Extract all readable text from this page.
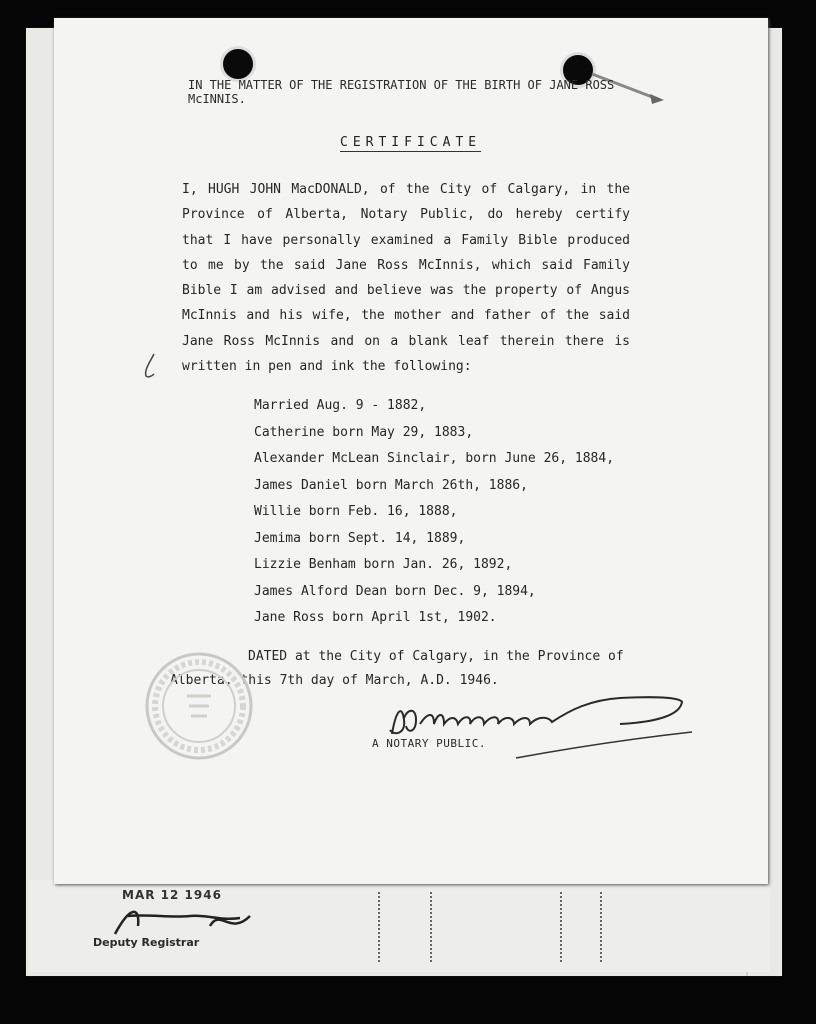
MAR 12 1946
Deputy Registrar

IN THE MATTER OF THE REGISTRATION OF THE BIRTH OF JANE ROSS McINNIS.

CERTIFICATE

I, HUGH JOHN MacDONALD, of the City of Calgary, in the Province of Alberta, Notary Public, do hereby certify that I have personally examined a Family Bible produced to me by the said Jane Ross McInnis, which said Family Bible I am advised and believe was the property of Angus McInnis and his wife, the mother and father of the said Jane Ross McInnis and on a blank leaf therein there is written in pen and ink the following:

Married Aug. 9 - 1882,
Catherine born May 29, 1883,
Alexander McLean Sinclair, born June 26, 1884,
James Daniel born March 26th, 1886,
Willie born Feb. 16, 1888,
Jemima born Sept. 14, 1889,
Lizzie Benham born Jan. 26, 1892,
James Alford Dean born Dec. 9, 1894,
Jane Ross born April 1st, 1902.

DATED at the City of Calgary, in the Province of Alberta, this 7th day of March, A.D. 1946.

A NOTARY PUBLIC.
